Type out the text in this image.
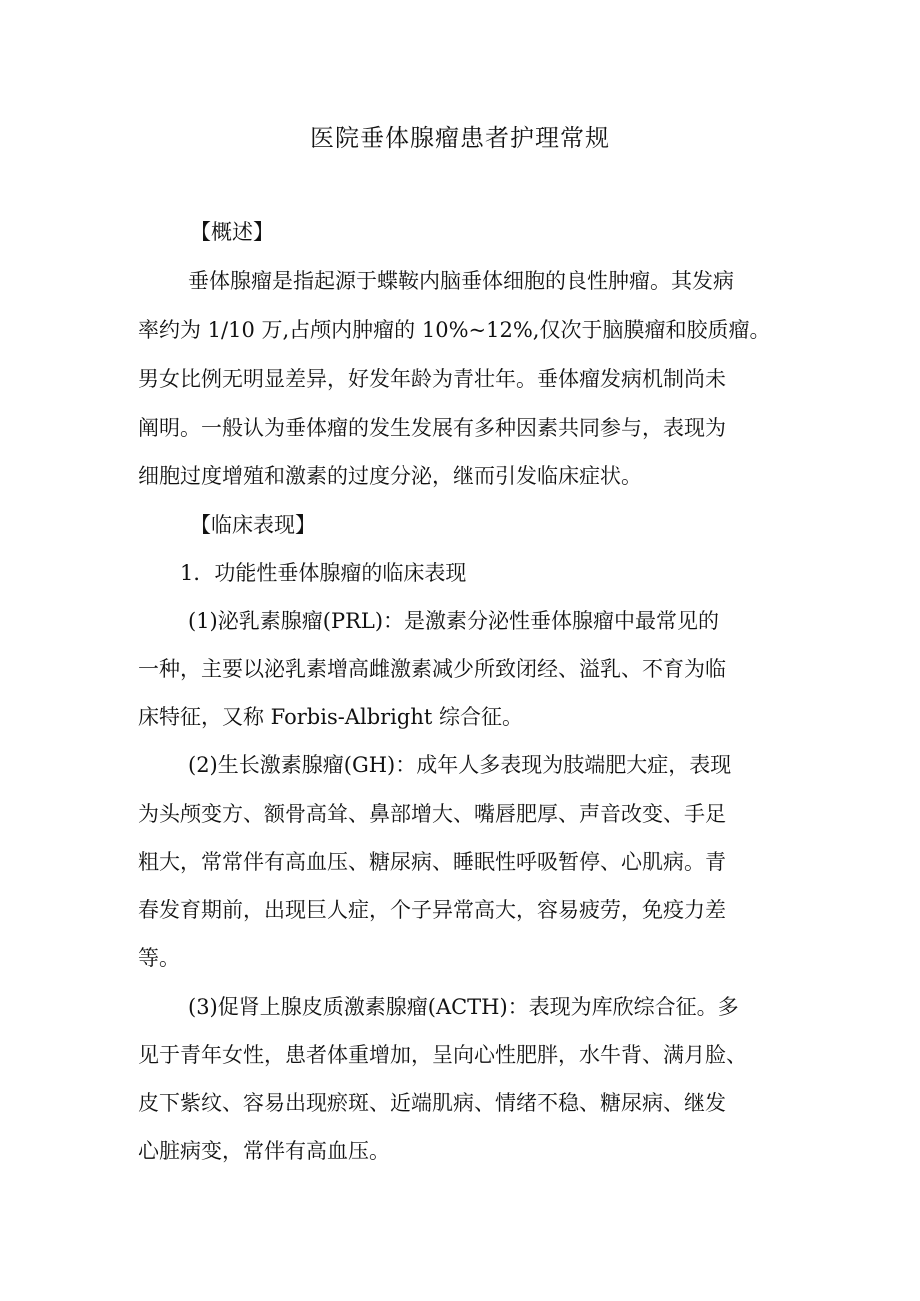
医院垂体腺瘤患者护理常规
【概述】
垂体腺瘤是指起源于蝶鞍内脑垂体细胞的良性肿瘤。其发病
率约为 1/10 万,占颅内肿瘤的 10%~12%,仅次于脑膜瘤和胶质瘤。
男女比例无明显差异，好发年龄为青壮年。垂体瘤发病机制尚未
阐明。一般认为垂体瘤的发生发展有多种因素共同参与，表现为
细胞过度增殖和激素的过度分泌，继而引发临床症状。
【临床表现】
1．功能性垂体腺瘤的临床表现
(1)泌乳素腺瘤(PRL)：是激素分泌性垂体腺瘤中最常见的
一种，主要以泌乳素增高雌激素减少所致闭经、溢乳、不育为临
床特征，又称 Forbis-Albright 综合征。
(2)生长激素腺瘤(GH)：成年人多表现为肢端肥大症，表现
为头颅变方、额骨高耸、鼻部增大、嘴唇肥厚、声音改变、手足
粗大，常常伴有高血压、糖尿病、睡眠性呼吸暂停、心肌病。青
春发育期前，出现巨人症，个子异常高大，容易疲劳，免疫力差
等。
(3)促肾上腺皮质激素腺瘤(ACTH)：表现为库欣综合征。多
见于青年女性，患者体重增加，呈向心性肥胖，水牛背、满月脸、
皮下紫纹、容易出现瘀斑、近端肌病、情绪不稳、糖尿病、继发
心脏病变，常伴有高血压。
